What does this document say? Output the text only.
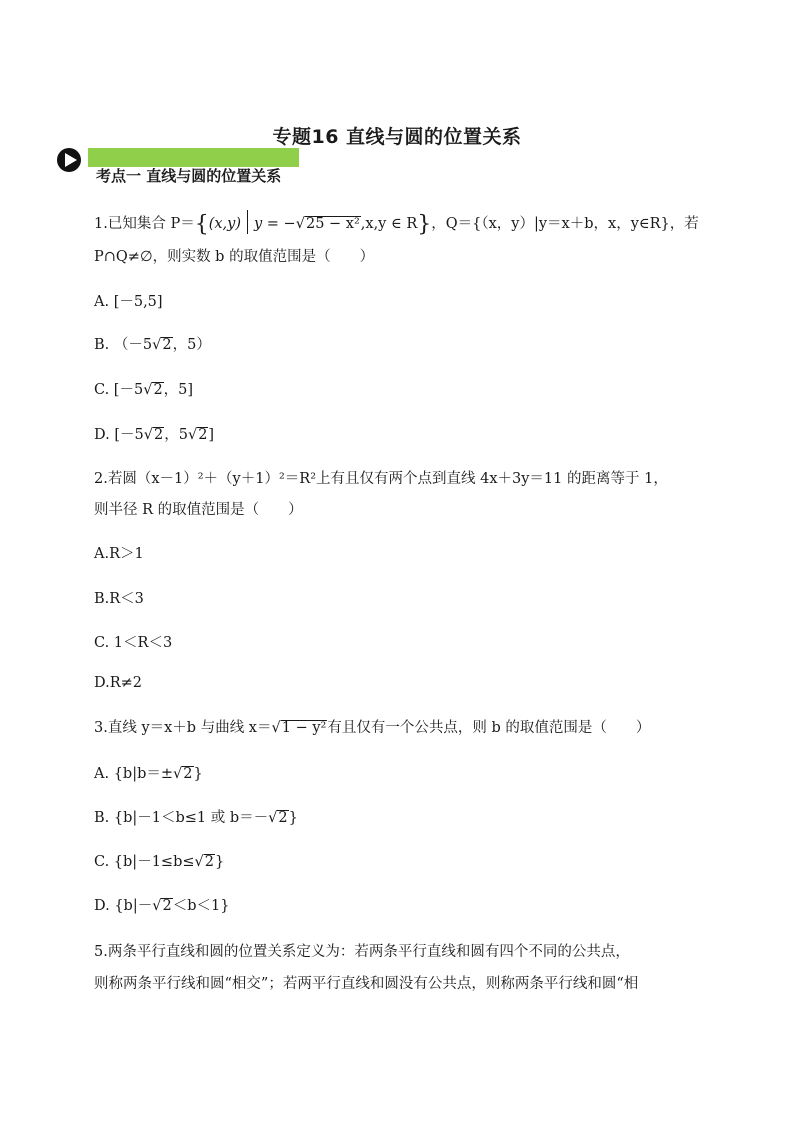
专题16 直线与圆的位置关系
考点一 直线与圆的位置关系
1.已知集合 P＝{(x,y) y = −√25 − x²,x,y ∈ R}，Q＝{（x，y）|y＝x＋b，x，y∈R}，若
P∩Q≠∅，则实数 b 的取值范围是（　　）
A. [－5,5]
B. （－5√2，5）
C. [－5√2，5]
D. [－5√2，5√2]
2.若圆（x－1）²＋（y＋1）²＝R²上有且仅有两个点到直线 4x＋3y＝11 的距离等于 1，
则半径 R 的取值范围是（　　）
A.R＞1
B.R＜3
C. 1＜R＜3
D.R≠2
3.直线 y＝x＋b 与曲线 x＝√1 − y²有且仅有一个公共点，则 b 的取值范围是（　　）
A. {b|b＝±√2}
B. {b|－1＜b≤1 或 b＝－√2}
C. {b|－1≤b≤√2}
D. {b|－√2＜b＜1}
5.两条平行直线和圆的位置关系定义为：若两条平行直线和圆有四个不同的公共点，
则称两条平行线和圆“相交”；若两平行直线和圆没有公共点，则称两条平行线和圆“相
